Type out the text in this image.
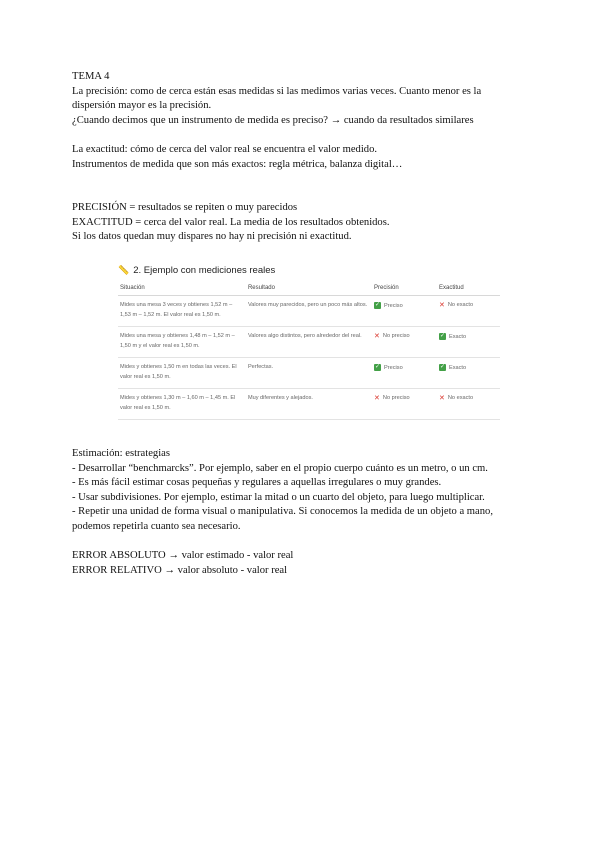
TEMA 4

La precisión: como de cerca están esas medidas si las medimos varias veces. Cuanto menor es la

dispersión mayor es la precisión.

¿Cuando decimos que un instrumento de medida es preciso? → cuando da resultados similares

La exactitud: cómo de cerca del valor real se encuentra el valor medido.

Instrumentos de medida que son más exactos: regla métrica, balanza digital…

PRECISIÓN = resultados se repiten o muy parecidos

EXACTITUD = cerca del valor real. La media de los resultados obtenidos.

Si los datos quedan muy dispares no hay ni precisión ni exactitud.

📏 2. Ejemplo con mediciones reales
Situación	Resultado	Precisión	Exactitud
Mides una mesa 3 veces y obtienes 1,52 m – 1,53 m – 1,52 m. El valor real es 1,50 m.	Valores muy parecidos, pero un poco más altos.	✓ Preciso	✕ No exacto

Mides una mesa y obtienes 1,48 m – 1,52 m – 1,50 m y el valor real es 1,50 m.	Valores algo distintos, pero alrededor del real.	✕ No preciso	✓ Exacto

Mides y obtienes 1,50 m en todas las veces. El valor real es 1,50 m.	Perfectas.	✓ Preciso	✓ Exacto

Mides y obtienes 1,30 m – 1,60 m – 1,45 m. El valor real es 1,50 m.	Muy diferentes y alejados.	✕ No preciso	✕ No exacto

Estimación: estrategias

- Desarrollar “benchmarcks”. Por ejemplo, saber en el propio cuerpo cuánto es un metro, o un cm.

- Es más fácil estimar cosas pequeñas y regulares a aquellas irregulares o muy grandes.

- Usar subdivisiones. Por ejemplo, estimar la mitad o un cuarto del objeto, para luego multiplicar.

- Repetir una unidad de forma visual o manipulativa. Si conocemos la medida de un objeto a mano,

podemos repetirla cuanto sea necesario.

ERROR ABSOLUTO → valor estimado - valor real

ERROR RELATIVO → valor absoluto - valor real
